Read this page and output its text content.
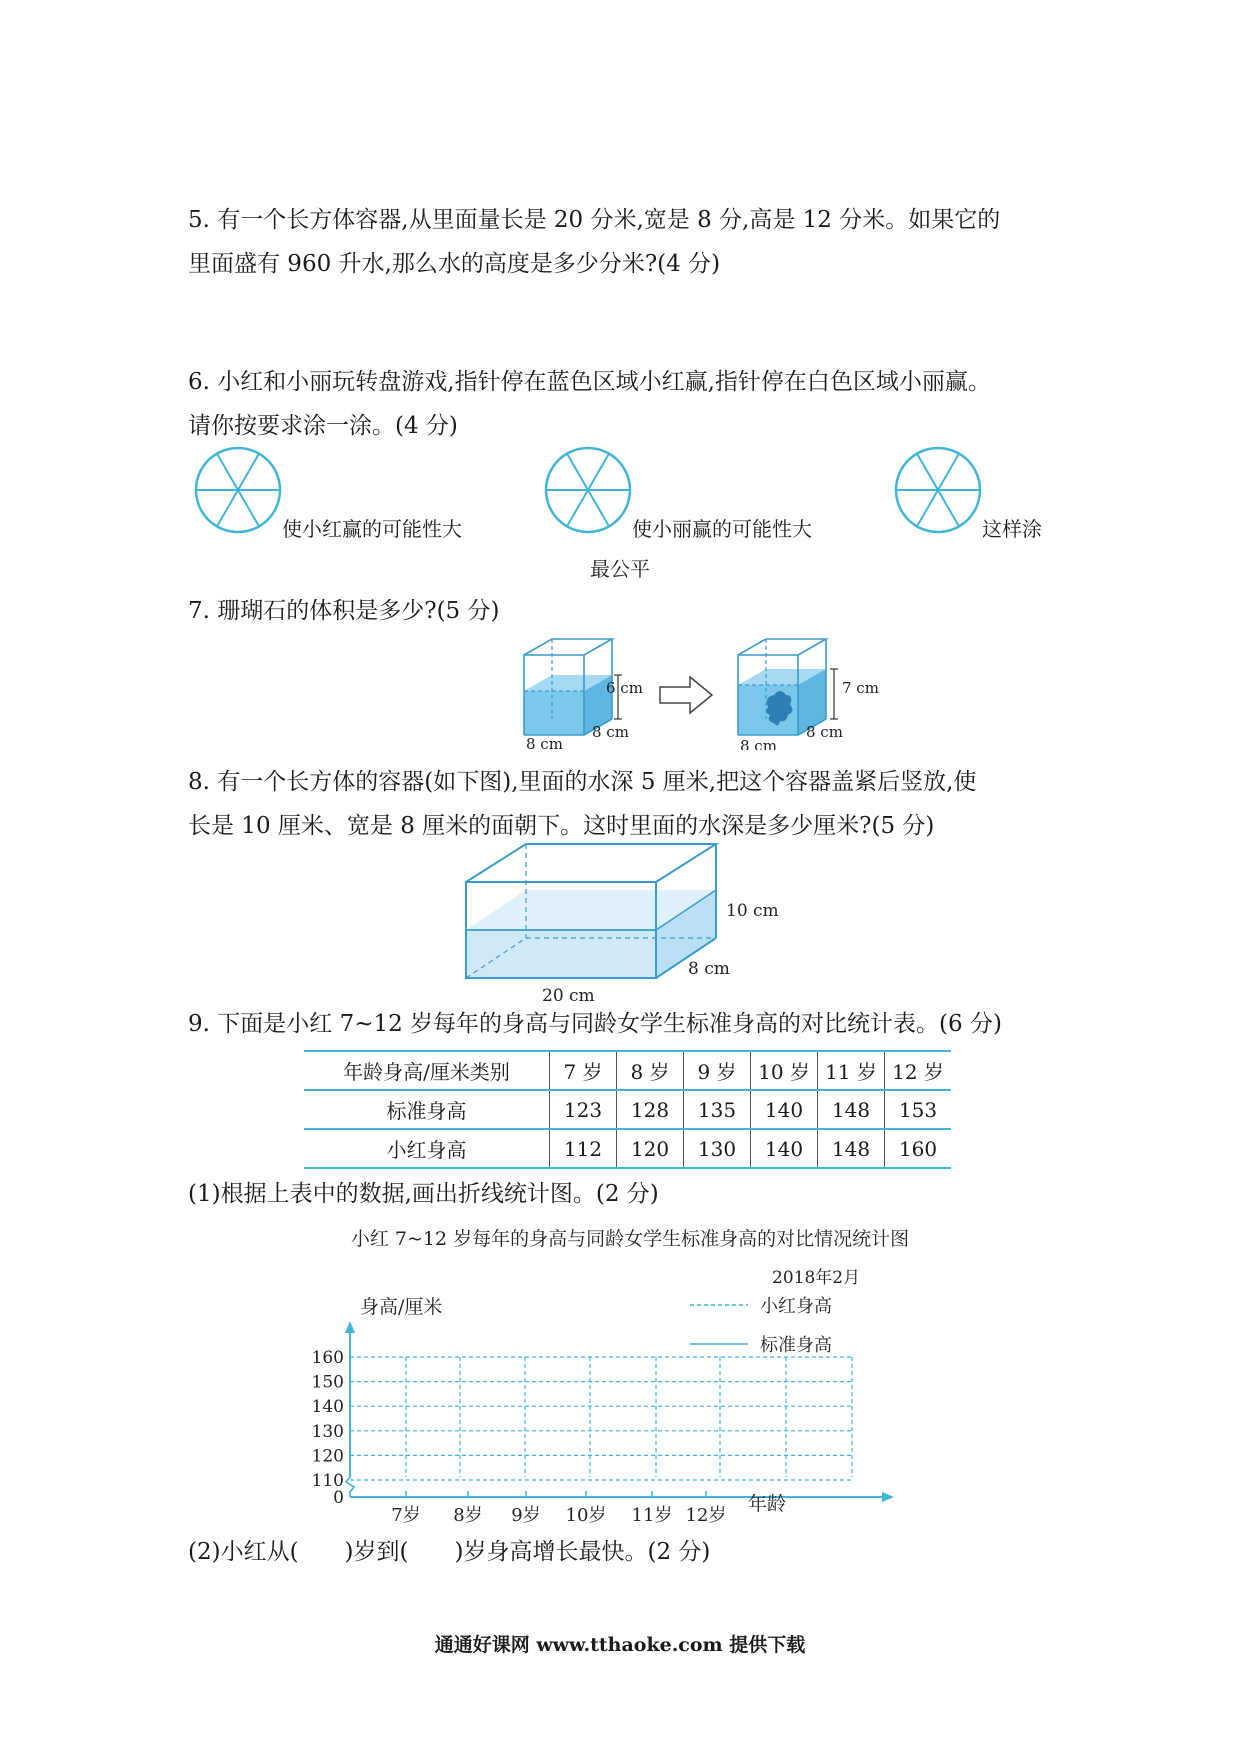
5. 有一个长方体容器,从里面量长是 20 分米,宽是 8 分,高是 12 分米。如果它的
里面盛有 960 升水,那么水的高度是多少分米?(4 分)
6. 小红和小丽玩转盘游戏,指针停在蓝色区域小红赢,指针停在白色区域小丽赢。
请你按要求涂一涂。(4 分)
使小红赢的可能性大	使小丽赢的可能性大	这样涂
最公平
7. 珊瑚石的体积是多少?(5 分)
6 cm
8 cm
8 cm
7 cm
8 cm
8 cm
8. 有一个长方体的容器(如下图),里面的水深 5 厘米,把这个容器盖紧后竖放,使
长是 10 厘米、宽是 8 厘米的面朝下。这时里面的水深是多少厘米?(5 分)
10 cm
8 cm
20 cm
9. 下面是小红 7~12 岁每年的身高与同龄女学生标准身高的对比统计表。(6 分)
年龄身高/厘米类别	7 岁	8 岁	9 岁	10 岁	11 岁	12 岁
标准身高	123	128	135	140	148	153
小红身高	112	120	130	140	148	160
(1)根据上表中的数据,画出折线统计图。(2 分)
小红 7~12 岁每年的身高与同龄女学生标准身高的对比情况统计图
2018年2月
身高/厘米	小红身高
标准身高
160
150
140
130
120
110
0
7岁 8岁 9岁 10岁 11岁 12岁
年龄
(2)小红从(　　)岁到(　　)岁身高增长最快。(2 分)
通通好课网 www.tthaoke.com 提供下载
